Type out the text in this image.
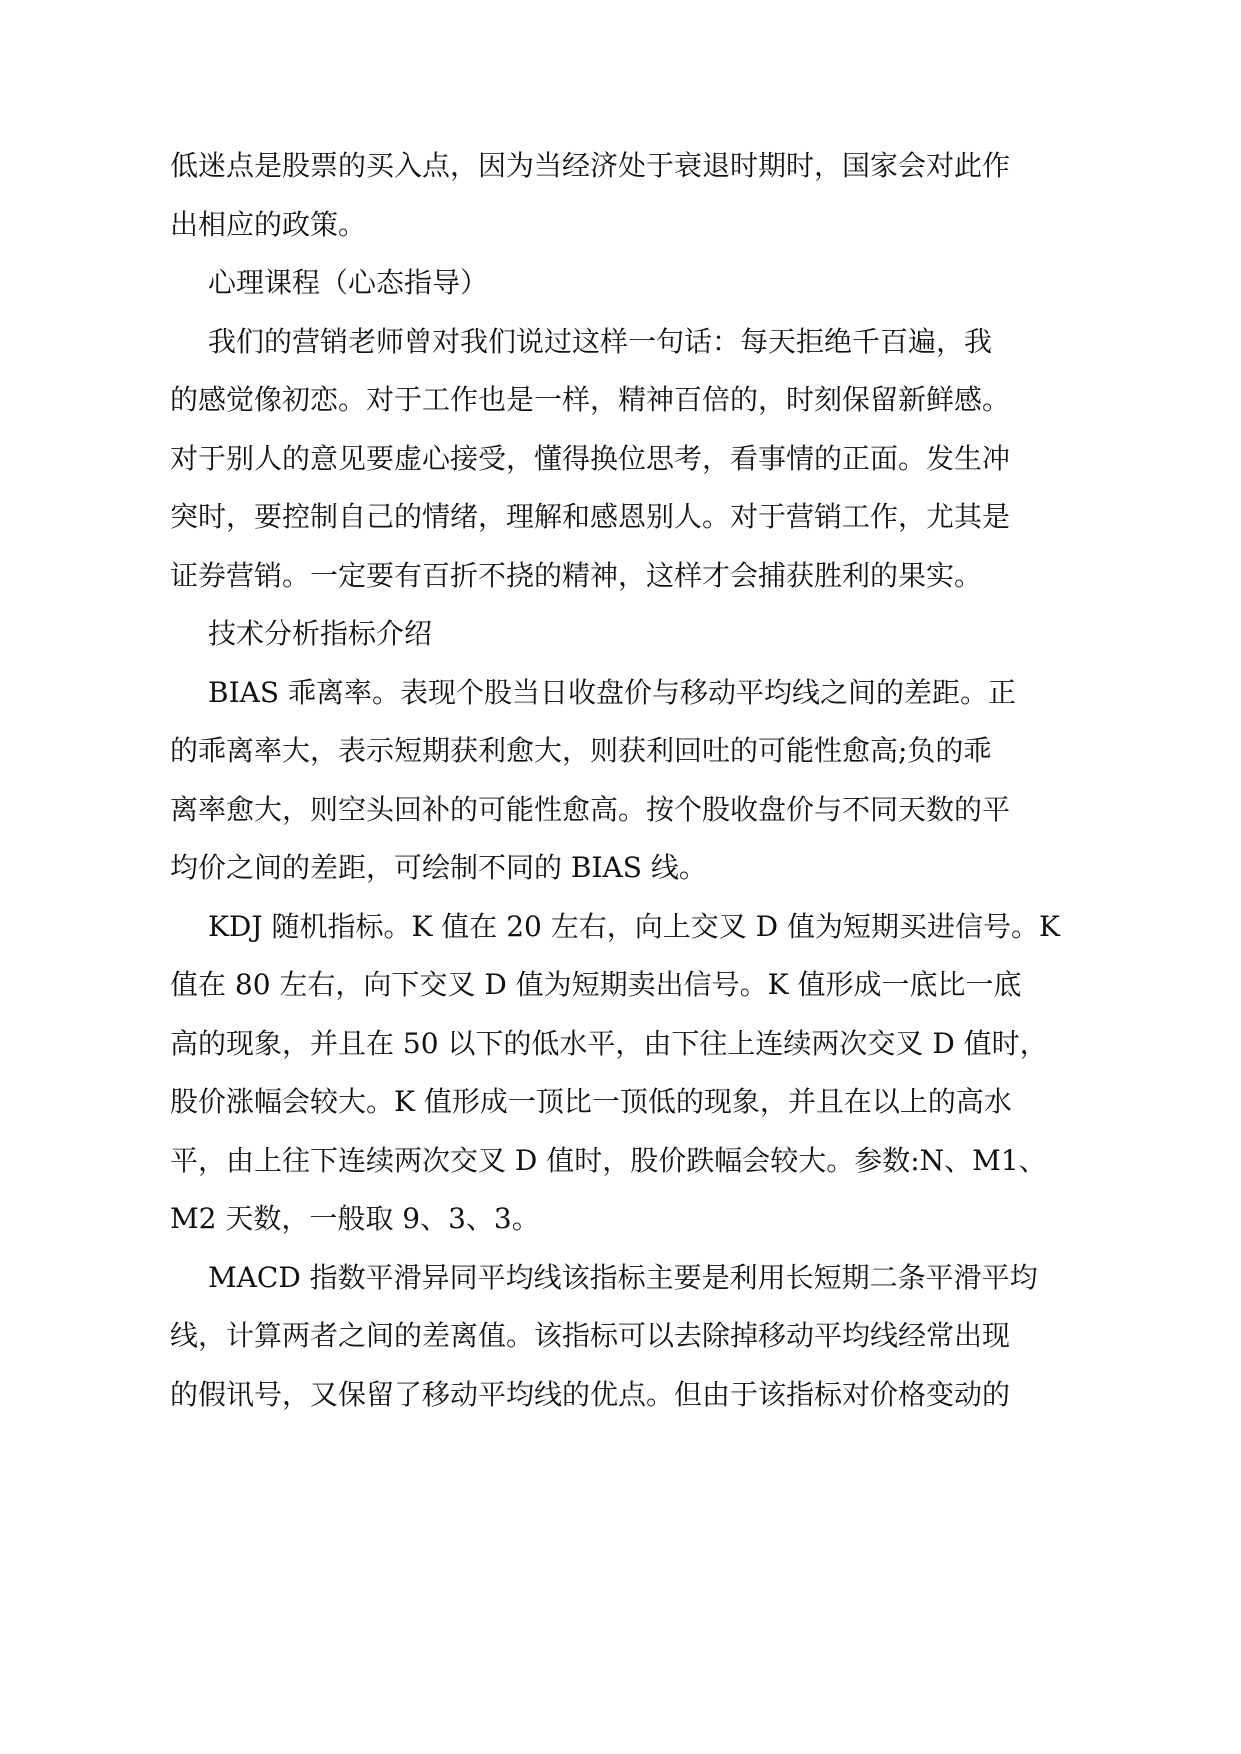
低迷点是股票的买入点，因为当经济处于衰退时期时，国家会对此作
出相应的政策。
心理课程（心态指导）
我们的营销老师曾对我们说过这样一句话：每天拒绝千百遍，我
的感觉像初恋。对于工作也是一样，精神百倍的，时刻保留新鲜感。
对于别人的意见要虚心接受，懂得换位思考，看事情的正面。发生冲
突时，要控制自己的情绪，理解和感恩别人。对于营销工作，尤其是
证券营销。一定要有百折不挠的精神，这样才会捕获胜利的果实。
技术分析指标介绍
BIAS 乖离率。表现个股当日收盘价与移动平均线之间的差距。正
的乖离率大，表示短期获利愈大，则获利回吐的可能性愈高;负的乖
离率愈大，则空头回补的可能性愈高。按个股收盘价与不同天数的平
均价之间的差距，可绘制不同的 BIAS 线。
KDJ 随机指标。K 值在 20 左右，向上交叉 D 值为短期买进信号。K
值在 80 左右，向下交叉 D 值为短期卖出信号。K 值形成一底比一底
高的现象，并且在 50 以下的低水平，由下往上连续两次交叉 D 值时，
股价涨幅会较大。K 值形成一顶比一顶低的现象，并且在以上的高水
平，由上往下连续两次交叉 D 值时，股价跌幅会较大。参数:N、M1、
M2 天数，一般取 9、3、3。
MACD 指数平滑异同平均线该指标主要是利用长短期二条平滑平均
线，计算两者之间的差离值。该指标可以去除掉移动平均线经常出现
的假讯号，又保留了移动平均线的优点。但由于该指标对价格变动的
